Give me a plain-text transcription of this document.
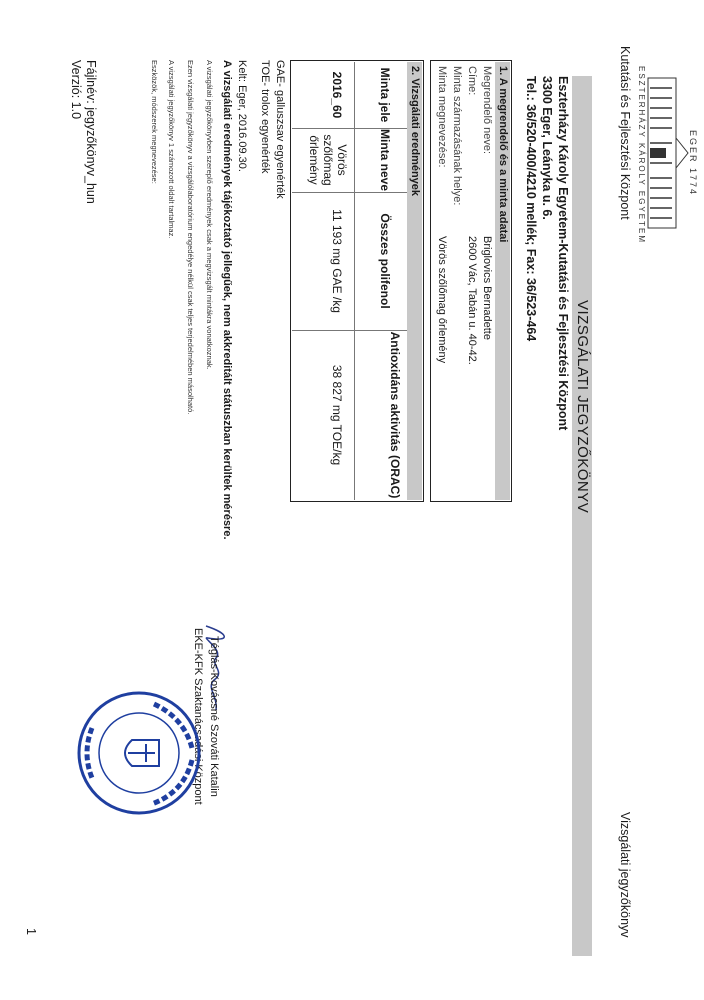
EGER 1774
ESZTERHÁZY KÁROLY EGYETEM
Kutatási és Fejlesztési Központ
Vizsgálati jegyzőkönyv
VIZSGÁLATI JEGYZŐKÖNYV
Eszterházy Károly Egyetem-Kutatási és Fejlesztési Központ
3300 Eger, Leányka u. 6.
Tel.: 36/520-400/4210 mellék; Fax: 36/523-464
1. A megrendelő és a minta adatai
Megrendelő neve:
Briglovics Bernadette
Címe:
2600 Vác, Tabán u. 40-42.
Minta származásának helye:
Minta megnevezése:
Vörös szőlőmag őrlemény
2. Vizsgálati eredmények
Minta jele
Minta neve
Összes polifenol
Antioxidáns aktivitás (ORAC)
2016_60
Vörös szőlőmag őrlemény
11 193 mg GAE /kg
38 827 mg TOE/kg
GAE- galluszsav egyenérték
TOE- trolox egyenérték
Kelt: Eger, 2016.09.30.
A vizsgálati eredmények tájékoztató jellegűek, nem akkreditált státuszban kerültek mérésre.
A vizsgálati jegyzőkönyvben szereplő eredmények csak a megvizsgált mintákra vonatkoznak.
Ezen vizsgálati jegyzőkönyv a vizsgálólaboratórium engedélye nélkül csak teljes terjedelmében másolható.
A vizsgálati jegyzőkönyv 1 számozott oldalt tartalmaz.
Eszközök, módszerek megnevezése:
Fájlnév: jegyzőkönyv_hun
Verzió: 1.0
1
Téglás-Kovácsné Szováti Katalin
EKE-KFK Szaktanácsadási Központ
